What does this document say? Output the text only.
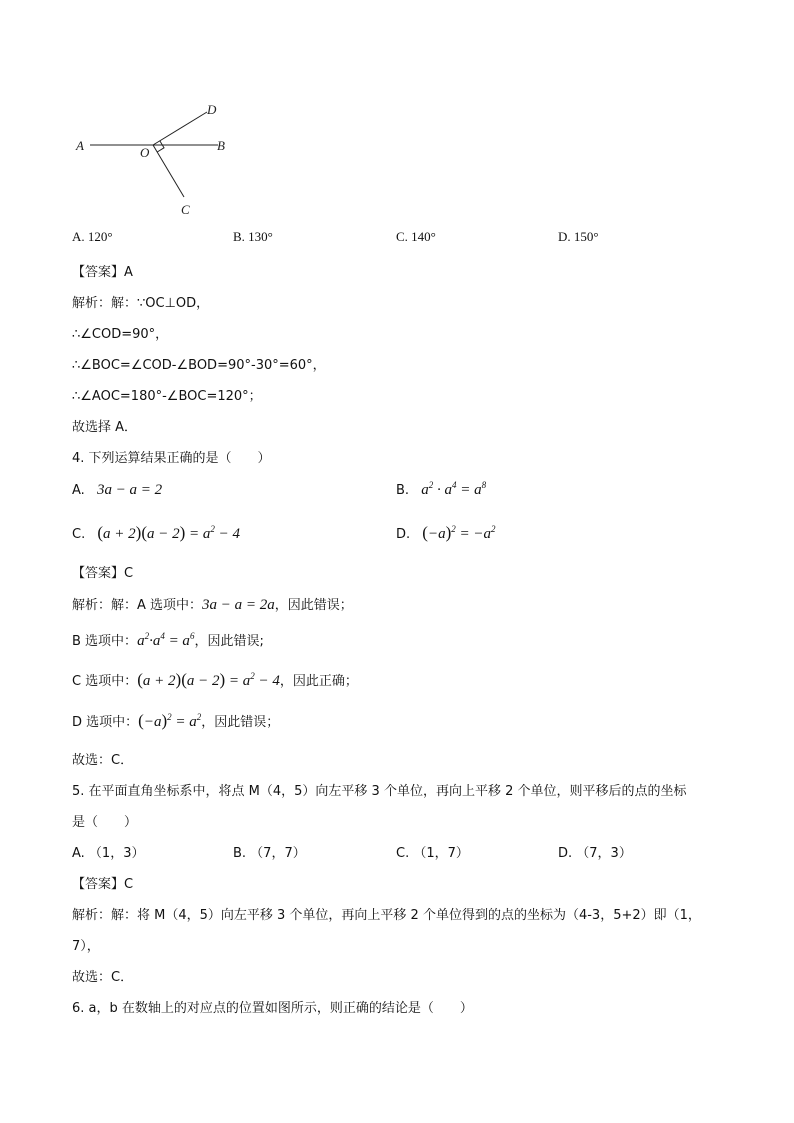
A	B
C
D
O
A. 120°	B. 130°	C. 140°	D. 150°
【答案】A
解析：解：∵OC⊥OD，
∴∠COD=90°，
∴∠BOC=∠COD-∠BOD=90°-30°=60°，
∴∠AOC=180°-∠BOC=120°；
故选择 A．
4. 下列运算结果正确的是（　　）
A. 3a − a = 2	B. $a^2 \cdot a^4 = a^8$
C. $(a + 2)(a - 2) = a^2 - 4$	D. $(-a)^2 = -a^2$
【答案】C
解析：解：A 选项中：3a − a = 2a，因此错误；
B 选项中：$a^2\cdot a^4 = a^6$，因此错误;
C 选项中：$(a + 2)(a - 2) = a^2 - 4$，因此正确；
D 选项中：$(-a)^2 = a^2$，因此错误；
故选：C．
5. 在平面直角坐标系中，将点 M（4，5）向左平移 3 个单位，再向上平移 2 个单位，则平移后的点的坐标
是（　　）
A. （1，3）	B. （7，7）	C. （1，7）	D. （7，3）
【答案】C
解析：解：将 M（4，5）向左平移 3 个单位，再向上平移 2 个单位得到的点的坐标为（4-3，5+2）即（1，
7），
故选：C．
6. a，b 在数轴上的对应点的位置如图所示，则正确的结论是（　　）
